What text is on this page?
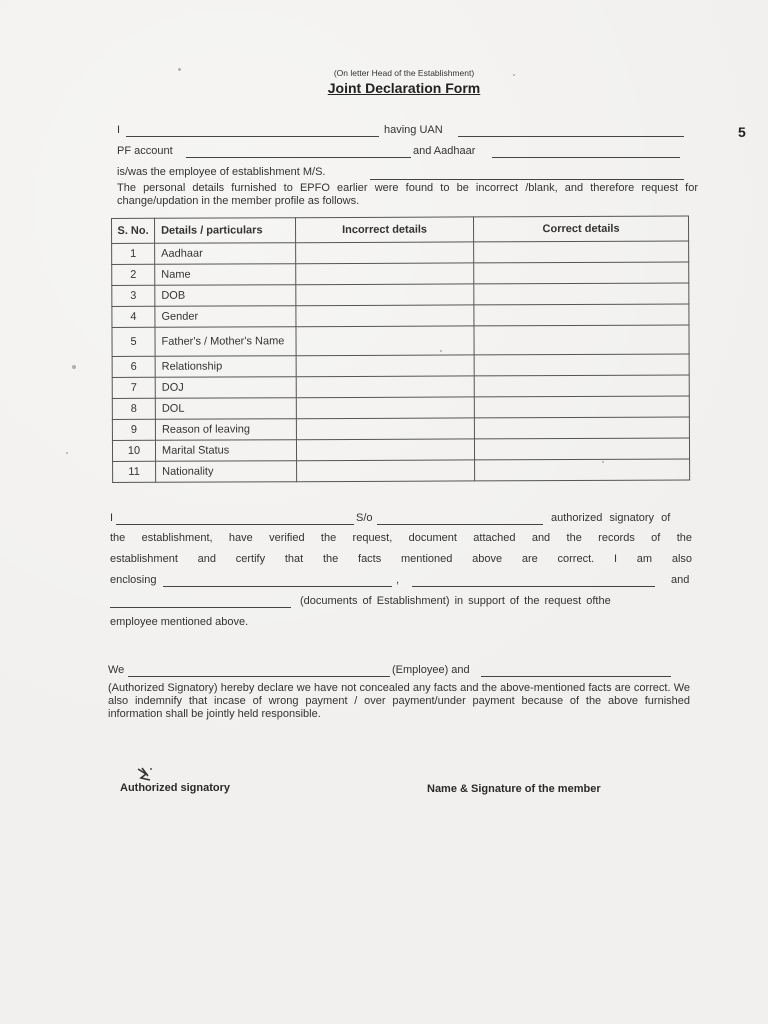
5
(On letter Head of the Establishment)
Joint Declaration Form
I	having UAN
PF account	and Aadhaar
is/was the employee of establishment M/S.
The personal details furnished to EPFO earlier were found to be incorrect /blank, and therefore request for change/updation in the member profile as follows.
S. No.	Details / particulars	Incorrect details	Correct details
1	Aadhaar		
2	Name		
3	DOB		
4	Gender		
5	Father's / Mother's Name		
6	Relationship		
7	DOJ		
8	DOL		
9	Reason of leaving		
10	Marital Status		
11	Nationality		
I	S/o	authorized signatory of
the establishment, have verified the request, document attached and the records of the
establishment and certify that the facts mentioned above are correct. I am also
enclosing	,	and
(documents of Establishment) in support of the request ofthe
employee mentioned above.
We	(Employee) and
(Authorized Signatory) hereby declare we have not concealed any facts and the above-mentioned facts are correct. We also indemnify that incase of wrong payment / over payment/under payment because of the above furnished information shall be jointly held responsible.
Authorized signatory	Name & Signature of the member
